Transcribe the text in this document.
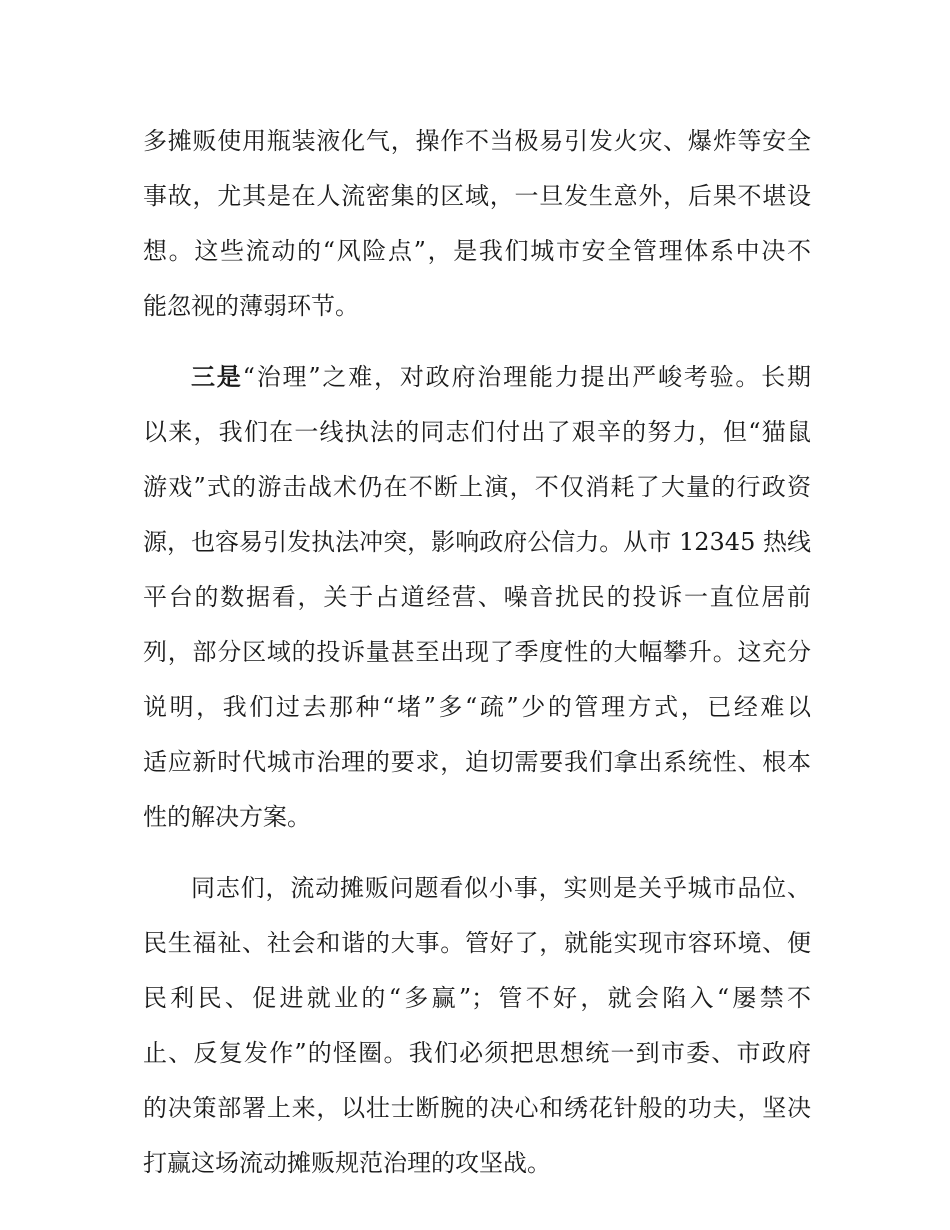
多摊贩使用瓶装液化气，操作不当极易引发火灾、爆炸等安全
事故，尤其是在人流密集的区域，一旦发生意外，后果不堪设
想。这些流动的“风险点”，是我们城市安全管理体系中决不
能忽视的薄弱环节。
三是“治理”之难，对政府治理能力提出严峻考验。长期
以来，我们在一线执法的同志们付出了艰辛的努力，但“猫鼠
游戏”式的游击战术仍在不断上演，不仅消耗了大量的行政资
源，也容易引发执法冲突，影响政府公信力。从市 12345 热线
平台的数据看，关于占道经营、噪音扰民的投诉一直位居前
列，部分区域的投诉量甚至出现了季度性的大幅攀升。这充分
说明，我们过去那种“堵”多“疏”少的管理方式，已经难以
适应新时代城市治理的要求，迫切需要我们拿出系统性、根本
性的解决方案。
同志们，流动摊贩问题看似小事，实则是关乎城市品位、
民生福祉、社会和谐的大事。管好了，就能实现市容环境、便
民利民、促进就业的“多赢”；管不好，就会陷入“屡禁不
止、反复发作”的怪圈。我们必须把思想统一到市委、市政府
的决策部署上来，以壮士断腕的决心和绣花针般的功夫，坚决
打赢这场流动摊贩规范治理的攻坚战。
